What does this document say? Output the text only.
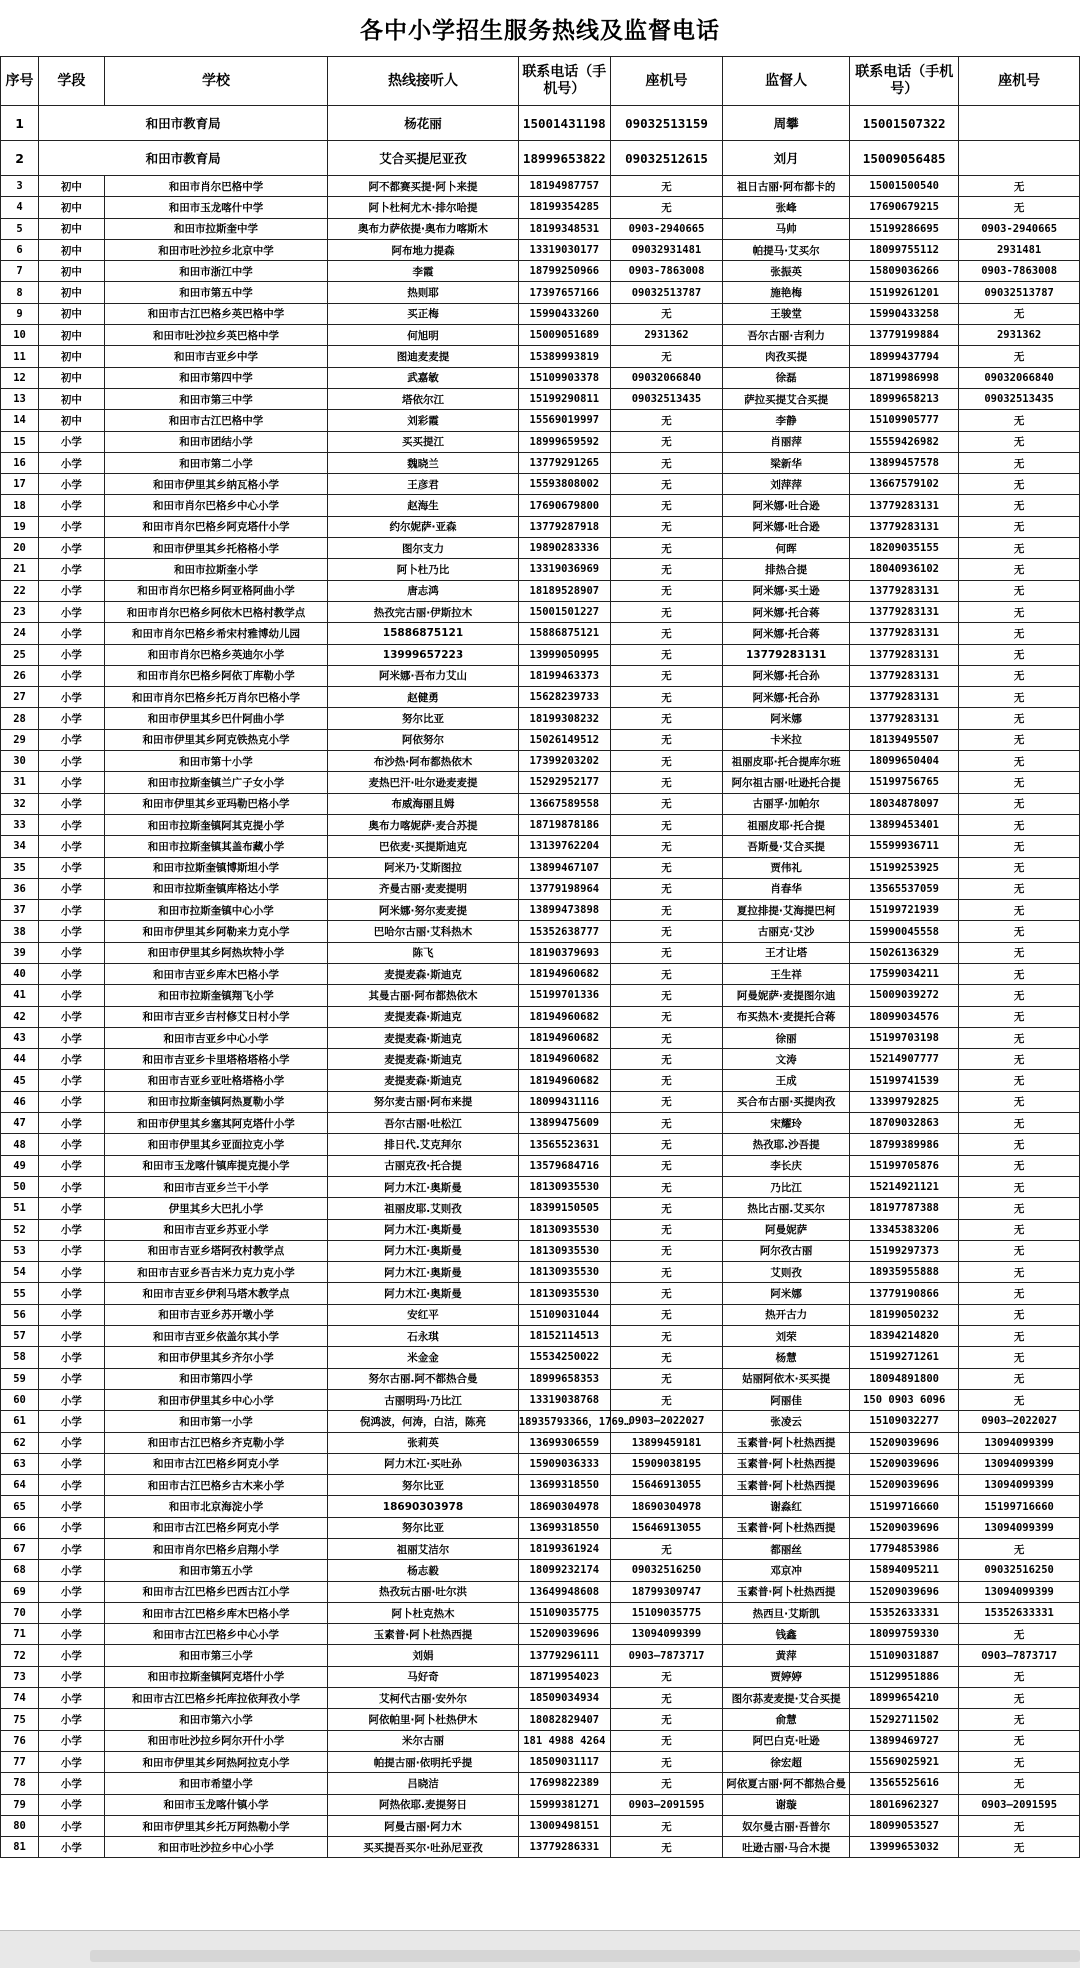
各中小学招生服务热线及监督电话
序号	学段	学校	热线接听人	联系电话（手机号）	座机号	监督人	联系电话（手机号）	座机号
1	和田市教育局		杨花丽	15001431198	09032513159	周攀	15001507322	
2	和田市教育局		艾合买提尼亚孜	18999653822	09032512615	刘月	15009056485	
3	初中	和田市肖尔巴格中学	阿不都赛买提·阿卜来提	18194987757	无	祖日古丽·阿布都卡的	15001500540	无
4	初中	和田市玉龙喀什中学	阿卜杜柯尤木·排尔哈提	18199354285	无	张峰	17690679215	无
5	初中	和田市拉斯奎中学	奥布力萨依提·奥布力喀斯木	18199348531	0903-2940665	马帅	15199286695	0903-2940665
6	初中	和田市吐沙拉乡北京中学	阿布地力提森	13319030177	09032931481	帕提马·艾买尔	18099755112	2931481
7	初中	和田市浙江中学	李霞	18799250966	0903-7863008	张振英	15809036266	0903-7863008
8	初中	和田市第五中学	热则耶	17397657166	09032513787	施艳梅	15199261201	09032513787
9	初中	和田市古江巴格乡英巴格中学	买正梅	15990433260	无	王骏堂	15990433258	无
10	初中	和田市吐沙拉乡英巴格中学	何旭明	15009051689	2931362	吾尔古丽·吉利力	13779199884	2931362
11	初中	和田市吉亚乡中学	图迪麦麦提	15389993819	无	肉孜买提	18999437794	无
12	初中	和田市第四中学	武嘉敏	15109903378	09032066840	徐磊	18719986998	09032066840
13	初中	和田市第三中学	塔依尔江	15199290811	09032513435	萨拉买提艾合买提	18999658213	09032513435
14	初中	和田市古江巴格中学	刘彩霞	15569019997	无	李静	15109905777	无
15	小学	和田市团结小学	买买提江	18999659592	无	肖丽萍	15559426982	无
16	小学	和田市第二小学	魏晓兰	13779291265	无	梁新华	13899457578	无
17	小学	和田市伊里其乡纳瓦格小学	王彦君	15593808002	无	刘萍萍	13667579102	无
18	小学	和田市肖尔巴格乡中心小学	赵海生	17690679800	无	阿米娜·吐合逊	13779283131	无
19	小学	和田市肖尔巴格乡阿克塔什小学	约尔妮萨·亚森	13779287918	无	阿米娜·吐合逊	13779283131	无
20	小学	和田市伊里其乡托格格小学	图尔支力	19890283336	无	何晖	18209035155	无
21	小学	和田市拉斯奎小学	阿卜杜乃比	13319036969	无	排热合提	18040936102	无
22	小学	和田市肖尔巴格乡阿亚格阿曲小学	唐志鸿	18189528907	无	阿米娜·买土逊	13779283131	无
23	小学	和田市肖尔巴格乡阿依木巴格村教学点	热孜完古丽·伊斯拉木	15001501227	无	阿米娜·托合蒋	13779283131	无
24	小学	和田市肖尔巴格乡希宋村雅博幼儿园	15886875121	15886875121	无	阿米娜·托合蒋	13779283131	无
25	小学	和田市肖尔巴格乡英迪尔小学	13999657223	13999050995	无	13779283131	13779283131	无
26	小学	和田市肖尔巴格乡阿依丁库勒小学	阿米娜·吾布力艾山	18199463373	无	阿米娜·托合孙	13779283131	无
27	小学	和田市肖尔巴格乡托万肖尔巴格小学	赵健勇	15628239733	无	阿米娜·托合孙	13779283131	无
28	小学	和田市伊里其乡巴什阿曲小学	努尔比亚	18199308232	无	阿米娜	13779283131	无
29	小学	和田市伊里其乡阿克铁热克小学	阿依努尔	15026149512	无	卡米拉	18139495507	无
30	小学	和田市第十小学	布沙热·阿布都热依木	17399203202	无	祖丽皮耶·托合提库尔班	18099650404	无
31	小学	和田市拉斯奎镇兰广子女小学	麦热巴汗·吐尔逊麦麦提	15292952177	无	阿尔祖古丽·吐逊托合提	15199756765	无
32	小学	和田市伊里其乡亚玛勒巴格小学	布威海丽且姆	13667589558	无	古丽孚·加帕尔	18034878097	无
33	小学	和田市拉斯奎镇阿其克提小学	奥布力喀妮萨·麦合苏提	18719878186	无	祖丽皮耶·托合提	13899453401	无
34	小学	和田市拉斯奎镇其盖布藏小学	巴依麦·买提斯迪克	13139762204	无	吾斯曼·艾合买提	15599936711	无
35	小学	和田市拉斯奎镇博斯坦小学	阿米乃·艾斯图拉	13899467107	无	贾伟礼	15199253925	无
36	小学	和田市拉斯奎镇库格达小学	齐曼古丽·麦麦提明	13779198964	无	肖春华	13565537059	无
37	小学	和田市拉斯奎镇中心小学	阿米娜·努尔麦麦提	13899473898	无	夏拉排提·艾海提巴柯	15199721939	无
38	小学	和田市伊里其乡阿勒来力克小学	巴哈尔古丽·艾科热木	15352638777	无	古丽克·艾沙	15990045558	无
39	小学	和田市伊里其乡阿热坎特小学	陈飞	18190379693	无	王才让塔	15026136329	无
40	小学	和田市吉亚乡库木巴格小学	麦提麦森·斯迪克	18194960682	无	王生祥	17599034211	无
41	小学	和田市拉斯奎镇翔飞小学	其曼古丽·阿布都热依木	15199701336	无	阿曼妮萨·麦提图尔迪	15009039272	无
42	小学	和田市吉亚乡吉村修艾日村小学	麦提麦森·斯迪克	18194960682	无	布买热木·麦提托合蒋	18099034576	无
43	小学	和田市吉亚乡中心小学	麦提麦森·斯迪克	18194960682	无	徐丽	15199703198	无
44	小学	和田市吉亚乡卡里塔格塔格小学	麦提麦森·斯迪克	18194960682	无	文涛	15214907777	无
45	小学	和田市吉亚乡亚吐格塔格小学	麦提麦森·斯迪克	18194960682	无	王成	15199741539	无
46	小学	和田市拉斯奎镇阿热夏勒小学	努尔麦古丽·阿布来提	18099431116	无	买合布古丽·买提肉孜	13399792825	无
47	小学	和田市伊里其乡塞其阿克塔什小学	吾尔古丽·吐松江	13899475609	无	宋耀玲	18709032863	无
48	小学	和田市伊里其乡亚面拉克小学	排日代.艾克拜尔	13565523631	无	热孜耶.沙吾提	18799389986	无
49	小学	和田市玉龙喀什镇库提克提小学	古丽克孜·托合提	13579684716	无	李长庆	15199705876	无
50	小学	和田市吉亚乡兰干小学	阿力木江·奥斯曼	18130935530	无	乃比江	15214921121	无
51	小学	伊里其乡大巴扎小学	祖丽皮耶.艾则孜	18399150505	无	热比古丽.艾买尔	18197787388	无
52	小学	和田市吉亚乡苏亚小学	阿力木江·奥斯曼	18130935530	无	阿曼妮萨	13345383206	无
53	小学	和田市吉亚乡塔阿孜村教学点	阿力木江·奥斯曼	18130935530	无	阿尔孜古丽	15199297373	无
54	小学	和田市吉亚乡吾吉米力克力克小学	阿力木江·奥斯曼	18130935530	无	艾则孜	18935955888	无
55	小学	和田市吉亚乡伊利马塔木教学点	阿力木江·奥斯曼	18130935530	无	阿米娜	13779190866	无
56	小学	和田市吉亚乡苏开墩小学	安红平	15109031044	无	热开古力	18199050232	无
57	小学	和田市吉亚乡依盖尔其小学	石永琪	18152114513	无	刘荣	18394214820	无
58	小学	和田市伊里其乡齐尔小学	米金金	15534250022	无	杨慧	15199271261	无
59	小学	和田市第四小学	努尔古丽.阿不都热合曼	18999658353	无	姑丽阿依木·买买提	18094891800	无
60	小学	和田市伊里其乡中心小学	古丽明玛·乃比江	13319038768	无	阿丽佳	150 0903 6096	无
61	小学	和田市第一小学	倪鸿波，何涛，白洁，陈亮	18935793366，1769…	0903—2022027	张凌云	15109032277	0903—2022027
62	小学	和田市古江巴格乡齐克勒小学	张莉英	13699306559	13899459181	玉素普·阿卜杜热西提	15209039696	13094099399
63	小学	和田市古江巴格乡阿克小学	阿力木江·买吐孙	15909036333	15909038195	玉素普·阿卜杜热西提	15209039696	13094099399
64	小学	和田市古江巴格乡古木来小学	努尔比亚	13699318550	15646913055	玉素普·阿卜杜热西提	15209039696	13094099399
65	小学	和田市北京海淀小学	18690303978	18690304978	18690304978	谢淼红	15199716660	15199716660
66	小学	和田市古江巴格乡阿克小学	努尔比亚	13699318550	15646913055	玉素普·阿卜杜热西提	15209039696	13094099399
67	小学	和田市肖尔巴格乡启翔小学	祖丽艾洁尔	18199361924	无	都丽丝	17794853986	无
68	小学	和田市第五小学	杨志毅	18099232174	09032516250	邓京冲	15894095211	09032516250
69	小学	和田市古江巴格乡巴西古江小学	热孜玩古丽·吐尔洪	13649948608	18799309747	玉素普·阿卜杜热西提	15209039696	13094099399
70	小学	和田市古江巴格乡库木巴格小学	阿卜杜克热木	15109035775	15109035775	热西旦·艾斯凯	15352633331	15352633331
71	小学	和田市古江巴格乡中心小学	玉素普·阿卜杜热西提	15209039696	13094099399	钱鑫	18099759330	无
72	小学	和田市第三小学	刘娟	13779296111	0903—7873717	黄萍	15109031887	0903—7873717
73	小学	和田市拉斯奎镇阿克塔什小学	马好奇	18719954023	无	贾婷婷	15129951886	无
74	小学	和田市古江巴格乡托库拉依拜孜小学	艾柯代古丽·安外尔	18509034934	无	图尔荪麦麦提·艾合买提	18999654210	无
75	小学	和田市第六小学	阿依帕里·阿卜杜热伊木	18082829407	无	俞慧	15292711502	无
76	小学	和田市吐沙拉乡阿尔开什小学	米尔古丽	181 4988 4264	无	阿巴白克·吐逊	13899469727	无
77	小学	和田市伊里其乡阿热阿拉克小学	帕提古丽·依明托乎提	18509031117	无	徐宏超	15569025921	无
78	小学	和田市希望小学	吕晓洁	17699822389	无	阿依夏古丽·阿不都热合曼	13565525616	无
79	小学	和田市玉龙喀什镇小学	阿热依耶.麦提努日	15999381271	0903—2091595	谢璇	18016962327	0903—2091595
80	小学	和田市伊里其乡托万阿热勒小学	阿曼古丽·阿力木	13009498151	无	奴尔曼古丽·吾普尔	18099053527	无
81	小学	和田市吐沙拉乡中心小学	买买提吾买尔·吐孙尼亚孜	13779286331	无	吐逊古丽·马合木提	13999653032	无
